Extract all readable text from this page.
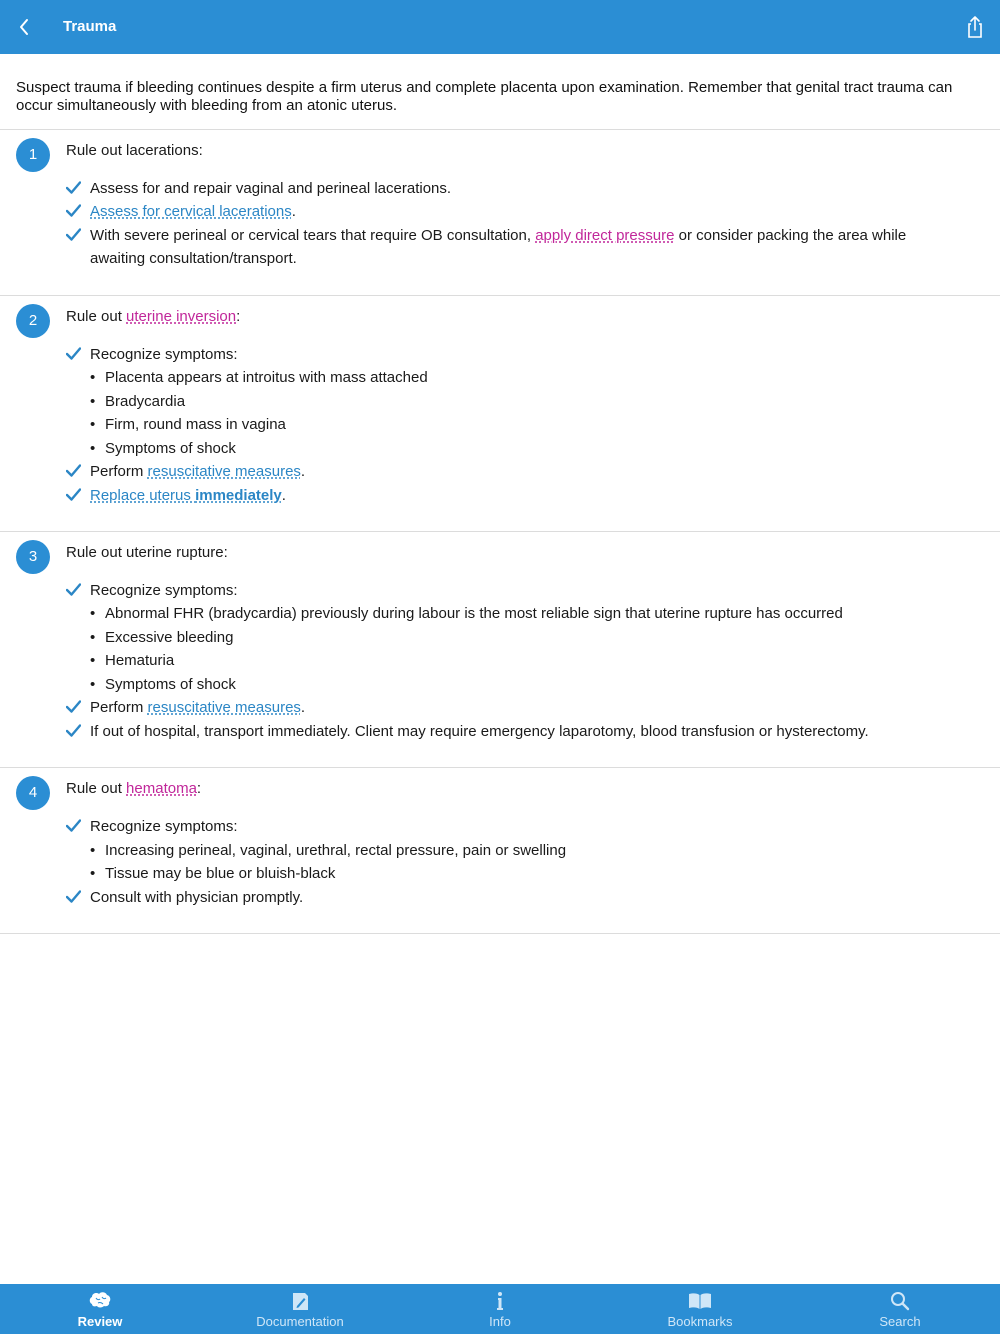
Trauma
Suspect trauma if bleeding continues despite a firm uterus and complete placenta upon examination. Remember that genital tract trauma can occur simultaneously with bleeding from an atonic uterus.
1	Rule out lacerations:
Assess for and repair vaginal and perineal lacerations.
Assess for cervical lacerations.
With severe perineal or cervical tears that require OB consultation, apply direct pressure or consider packing the area while awaiting consultation/transport.
2	Rule out uterine inversion:
Recognize symptoms:
• Placenta appears at introitus with mass attached
• Bradycardia
• Firm, round mass in vagina
• Symptoms of shock
Perform resuscitative measures.
Replace uterus immediately.
3	Rule out uterine rupture:
Recognize symptoms:
• Abnormal FHR (bradycardia) previously during labour is the most reliable sign that uterine rupture has occurred
• Excessive bleeding
• Hematuria
• Symptoms of shock
Perform resuscitative measures.
If out of hospital, transport immediately. Client may require emergency laparotomy, blood transfusion or hysterectomy.
4	Rule out hematoma:
Recognize symptoms:
• Increasing perineal, vaginal, urethral, rectal pressure, pain or swelling
• Tissue may be blue or bluish-black
Consult with physician promptly.
Review	Documentation	Info	Bookmarks	Search
